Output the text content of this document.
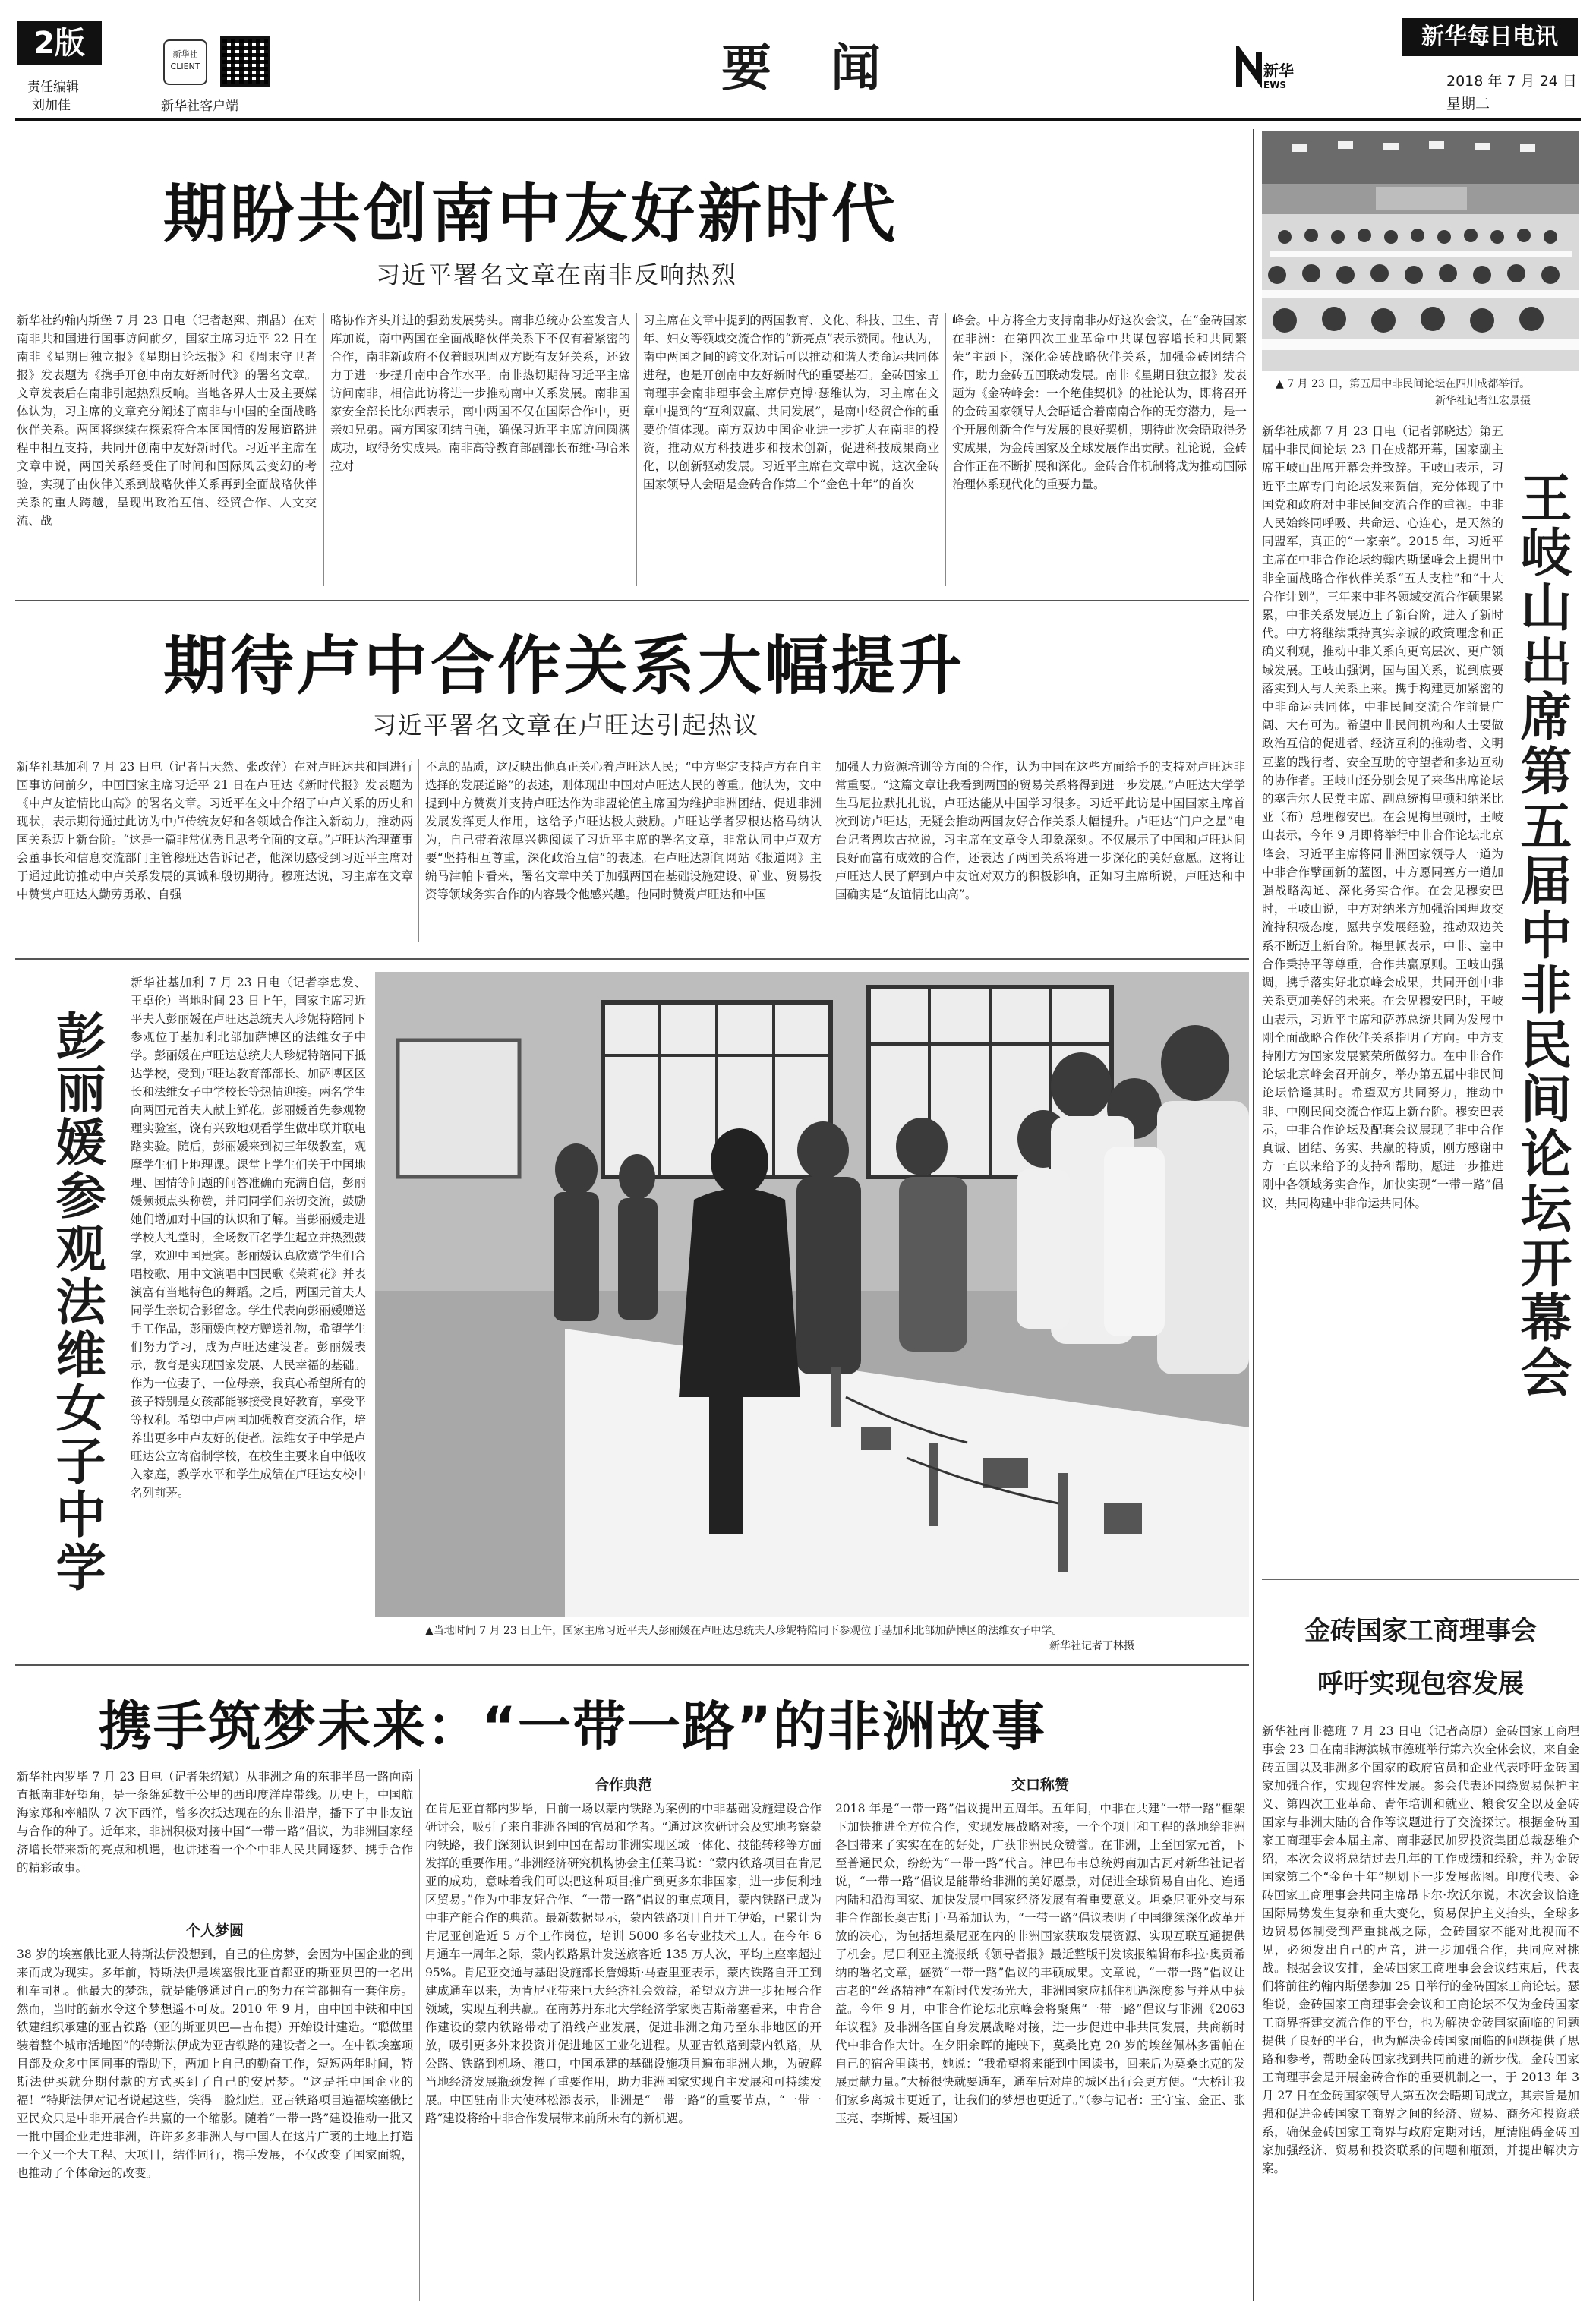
2版
责任编辑
刘加佳
新华社
CLIENT
新华社客户端
要　闻	新华
EWS
新华每日电讯
2018 年 7 月 24 日
星期二
期盼共创南中友好新时代
习近平署名文章在南非反响热烈
新华社约翰内斯堡 7 月 23 日电（记者赵熙、荆晶）在对南非共和国进行国事访问前夕，国家主席习近平 22 日在南非《星期日独立报》《星期日论坛报》和《周末守卫者报》发表题为《携手开创中南友好新时代》的署名文章。文章发表后在南非引起热烈反响。当地各界人士及主要媒体认为，习主席的文章充分阐述了南非与中国的全面战略伙伴关系。两国将继续在探索符合本国国情的发展道路进程中相互支持，共同开创南中友好新时代。习近平主席在文章中说，两国关系经受住了时间和国际风云变幻的考验，实现了由伙伴关系到战略伙伴关系再到全面战略伙伴关系的重大跨越，呈现出政治互信、经贸合作、人文交流、战
略协作齐头并进的强劲发展势头。南非总统办公室发言人库加说，南中两国在全面战略伙伴关系下不仅有着紧密的合作，南非新政府不仅着眼巩固双方既有友好关系，还致力于进一步提升南中合作水平。南非热切期待习近平主席访问南非，相信此访将进一步推动南中关系发展。南非国家安全部长比尔西表示，南中两国不仅在国际合作中，更亲如兄弟。南方国家团结自强，确保习近平主席访问圆满成功，取得务实成果。南非高等教育部副部长布维·马哈米拉对
习主席在文章中提到的两国教育、文化、科技、卫生、青年、妇女等领域交流合作的“新亮点”表示赞同。他认为，南中两国之间的跨文化对话可以推动和谐人类命运共同体进程，也是开创南中友好新时代的重要基石。金砖国家工商理事会南非理事会主席伊克博·瑟维认为，习主席在文章中提到的“互利双赢、共同发展”，是南中经贸合作的重要价值体现。南方双边中国企业进一步扩大在南非的投资，推动双方科技进步和技术创新，促进科技成果商业化，以创新驱动发展。习近平主席在文章中说，这次金砖国家领导人会晤是金砖合作第二个“金色十年”的首次
峰会。中方将全力支持南非办好这次会议，在“金砖国家在非洲：在第四次工业革命中共谋包容增长和共同繁荣”主题下，深化金砖战略伙伴关系，加强金砖团结合作，助力金砖五国联动发展。南非《星期日独立报》发表题为《金砖峰会：一个绝佳契机》的社论认为，即将召开的金砖国家领导人会晤适合着南南合作的无穷潜力，是一个开展创新合作与发展的良好契机，期待此次会晤取得务实成果，为金砖国家及全球发展作出贡献。社论说，金砖合作正在不断扩展和深化。金砖合作机制将成为推动国际治理体系现代化的重要力量。
▲ 7 月 23 日，第五届中非民间论坛在四川成都举行。
新华社记者江宏景摄
新华社成都 7 月 23 日电（记者郭晓达）第五届中非民间论坛 23 日在成都开幕，国家副主席王岐山出席开幕会并致辞。王岐山表示，习近平主席专门向论坛发来贺信，充分体现了中国党和政府对中非民间交流合作的重视。中非人民始终同呼吸、共命运、心连心，是天然的同盟军，真正的“一家亲”。2015 年，习近平主席在中非合作论坛约翰内斯堡峰会上提出中非全面战略合作伙伴关系“五大支柱”和“十大合作计划”，三年来中非各领域交流合作硕果累累，中非关系发展迈上了新台阶，进入了新时代。中方将继续秉持真实亲诚的政策理念和正确义利观，推动中非关系向更高层次、更广领域发展。王岐山强调，国与国关系，说到底要落实到人与人关系上来。携手构建更加紧密的中非命运共同体，中非民间交流合作前景广阔、大有可为。希望中非民间机构和人士要做政治互信的促进者、经济互利的推动者、文明互鉴的践行者、安全互助的守望者和多边互动的协作者。王岐山还分别会见了来华出席论坛的塞舌尔人民党主席、副总统梅里顿和纳米比亚（布）总理穆安巴。在会见梅里顿时，王岐山表示，今年 9 月即将举行中非合作论坛北京峰会，习近平主席将同非洲国家领导人一道为中非合作擘画新的蓝图，中方愿同塞方一道加强战略沟通、深化务实合作。在会见穆安巴时，王岐山说，中方对纳米方加强治国理政交流持积极态度，愿共享发展经验，推动双边关系不断迈上新台阶。梅里顿表示，中非、塞中合作秉持平等尊重，合作共赢原则。王岐山强调，携手落实好北京峰会成果，共同开创中非关系更加美好的未来。在会见穆安巴时，王岐山表示，习近平主席和萨苏总统共同为发展中刚全面战略合作伙伴关系指明了方向。中方支持刚方为国家发展繁荣所做努力。在中非合作论坛北京峰会召开前夕，举办第五届中非民间论坛恰逢其时。希望双方共同努力，推动中非、中刚民间交流合作迈上新台阶。穆安巴表示，中非合作论坛及配套会议展现了非中合作真诚、团结、务实、共赢的特质，刚方感谢中方一直以来给予的支持和帮助，愿进一步推进刚中各领域务实合作，加快实现“一带一路”倡议，共同构建中非命运共同体。	王岐山出席第五届中非民间论坛开幕会
金砖国家工商理事会
呼吁实现包容发展
新华社南非德班 7 月 23 日电（记者高原）金砖国家工商理事会 23 日在南非海滨城市德班举行第六次全体会议，来自金砖五国以及非洲多个国家的政府官员和企业代表呼吁金砖国家加强合作，实现包容性发展。参会代表还围绕贸易保护主义、第四次工业革命、青年培训和就业、粮食安全以及金砖国家与非洲大陆的合作等议题进行了交流探讨。根据金砖国家工商理事会本届主席、南非瑟民加罗投资集团总裁瑟维介绍，本次会议将总结过去几年的工作成绩和经验，并为金砖国家第二个“金色十年”规划下一步发展蓝图。印度代表、金砖国家工商理事会共同主席昂卡尔·坎沃尔说，本次会议恰逢国际局势发生复杂和重大变化，贸易保护主义抬头，全球多边贸易体制受到严重挑战之际，金砖国家不能对此视而不见，必须发出自己的声音，进一步加强合作，共同应对挑战。根据会议安排，金砖国家工商理事会会议结束后，代表们将前往约翰内斯堡参加 25 日举行的金砖国家工商论坛。瑟维说，金砖国家工商理事会会议和工商论坛不仅为金砖国家工商界搭建交流合作的平台，也为解决金砖国家面临的问题提供了良好的平台，也为解决金砖国家面临的问题提供了思路和参考，帮助金砖国家找到共同前进的新步伐。金砖国家工商理事会是开展金砖合作的重要机制之一，于 2013 年 3 月 27 日在金砖国家领导人第五次会晤期间成立，其宗旨是加强和促进金砖国家工商界之间的经济、贸易、商务和投资联系，确保金砖国家工商界与政府定期对话，厘清阻碍金砖国家加强经济、贸易和投资联系的问题和瓶颈，并提出解决方案。
期待卢中合作关系大幅提升
习近平署名文章在卢旺达引起热议
新华社基加利 7 月 23 日电（记者吕天然、张改萍）在对卢旺达共和国进行国事访问前夕，中国国家主席习近平 21 日在卢旺达《新时代报》发表题为《中卢友谊情比山高》的署名文章。习近平在文中介绍了中卢关系的历史和现状，表示期待通过此访为中卢传统友好和各领域合作注入新动力，推动两国关系迈上新台阶。“这是一篇非常优秀且思考全面的文章。”卢旺达治理董事会董事长和信息交流部门主管穆班达告诉记者，他深切感受到习近平主席对于通过此访推动中卢关系发展的真诚和殷切期待。穆班达说，习主席在文章中赞赏卢旺达人勤劳勇敢、自强
不息的品质，这反映出他真正关心着卢旺达人民；“中方坚定支持卢方在自主选择的发展道路”的表述，则体现出中国对卢旺达人民的尊重。他认为，文中提到中方赞赏并支持卢旺达作为非盟轮值主席国为维护非洲团结、促进非洲发展发挥更大作用，这给予卢旺达极大鼓励。卢旺达学者罗根达格马纳认为，自己带着浓厚兴趣阅读了习近平主席的署名文章，非常认同中卢双方要“坚持相互尊重，深化政治互信”的表述。在卢旺达新闻网站《报道网》主编马津帕卡看来，署名文章中关于加强两国在基础设施建设、矿业、贸易投资等领域务实合作的内容最令他感兴趣。他同时赞赏卢旺达和中国
加强人力资源培训等方面的合作，认为中国在这些方面给予的支持对卢旺达非常重要。“这篇文章让我看到两国的贸易关系将得到进一步发展。”卢旺达大学学生马尼拉默扎扎说，卢旺达能从中国学习很多。习近平此访是中国国家主席首次到访卢旺达，无疑会推动两国友好合作关系大幅提升。卢旺达“门户之星”电台记者恩坎古拉说，习主席在文章令人印象深刻。不仅展示了中国和卢旺达间良好而富有成效的合作，还表达了两国关系将进一步深化的美好意愿。这将让卢旺达人民了解到卢中友谊对双方的积极影响，正如习主席所说，卢旺达和中国确实是“友谊情比山高”。
彭丽媛参观法维女子中学
新华社基加利 7 月 23 日电（记者李忠发、王卓伦）当地时间 23 日上午，国家主席习近平夫人彭丽媛在卢旺达总统夫人珍妮特陪同下参观位于基加利北部加萨博区的法维女子中学。彭丽媛在卢旺达总统夫人珍妮特陪同下抵达学校，受到卢旺达教育部部长、加萨博区区长和法维女子中学校长等热情迎接。两名学生向两国元首夫人献上鲜花。彭丽媛首先参观物理实验室，饶有兴致地观看学生做串联并联电路实验。随后，彭丽媛来到初三年级教室，观摩学生们上地理课。课堂上学生们关于中国地理、国情等问题的问答准确而充满自信，彭丽媛频频点头称赞，并同同学们亲切交流，鼓励她们增加对中国的认识和了解。当彭丽媛走进学校大礼堂时，全场数百名学生起立并热烈鼓掌，欢迎中国贵宾。彭丽媛认真欣赏学生们合唱校歌、用中文演唱中国民歌《茉莉花》并表演富有当地特色的舞蹈。之后，两国元首夫人同学生亲切合影留念。学生代表向彭丽媛赠送手工作品，彭丽媛向校方赠送礼物，希望学生们努力学习，成为卢旺达建设者。彭丽媛表示，教育是实现国家发展、人民幸福的基础。作为一位妻子、一位母亲，我真心希望所有的孩子特别是女孩都能够接受良好教育，享受平等权利。希望中卢两国加强教育交流合作，培养出更多中卢友好的使者。法维女子中学是卢旺达公立寄宿制学校，在校生主要来自中低收入家庭，教学水平和学生成绩在卢旺达女校中名列前茅。
▲当地时间 7 月 23 日上午，国家主席习近平夫人彭丽媛在卢旺达总统夫人珍妮特陪同下参观位于基加利北部加萨博区的法维女子中学。
新华社记者丁林摄
携手筑梦未来：“一带一路”的非洲故事
新华社内罗毕 7 月 23 日电（记者朱绍斌）从非洲之角的东非半岛一路向南直抵南非好望角，是一条绵延数千公里的西印度洋岸带线。历史上，中国航海家郑和率船队 7 次下西洋，曾多次抵达现在的东非沿岸，播下了中非友谊与合作的种子。近年来，非洲积极对接中国“一带一路”倡议，为非洲国家经济增长带来新的亮点和机遇，也讲述着一个个中非人民共同逐梦、携手合作的精彩故事。
个人梦圆
38 岁的埃塞俄比亚人特斯法伊没想到，自己的住房梦，会因为中国企业的到来而成为现实。多年前，特斯法伊是埃塞俄比亚首都亚的斯亚贝巴的一名出租车司机。他最大的梦想，就是能够通过自己的努力在首都拥有一套住房。然而，当时的薪水令这个梦想遥不可及。2010 年 9 月，由中国中铁和中国铁建组织承建的亚吉铁路（亚的斯亚贝巴—吉布提）开始设计建造。“聪做里装着整个城市活地图”的特斯法伊成为亚吉铁路的建设者之一。在中铁埃塞项目部及众多中国同事的帮助下，两加上自己的勤奋工作，短短两年时间，特斯法伊买就分期付款的方式买到了自己的安居梦。“这是托中国企业的福！”特斯法伊对记者说起这些，笑得一脸灿烂。亚吉铁路项目遍福埃塞俄比亚民众只是中非开展合作共赢的一个缩影。随着“一带一路”建设推动一批又一批中国企业走进非洲，许许多多非洲人与中国人在这片广袤的土地上打造一个又一个大工程、大项目，结伴同行，携手发展，不仅改变了国家面貌，也推动了个体命运的改变。
合作典范
在肯尼亚首都内罗毕，日前一场以蒙内铁路为案例的中非基础设施建设合作研讨会，吸引了来自非洲各国的官员和学者。“通过这次研讨会及实地考察蒙内铁路，我们深刻认识到中国在帮助非洲实现区域一体化、技能转移等方面发挥的重要作用。”非洲经济研究机构协会主任莱马说：“蒙内铁路项目在肯尼亚的成功，意味着我们可以把这种项目推广到更多东非国家，进一步便利地区贸易。”作为中非友好合作、“一带一路”倡议的重点项目，蒙内铁路已成为中非产能合作的典范。最新数据显示，蒙内铁路项目自开工伊始，已累计为肯尼亚创造近 5 万个工作岗位，培训 5000 多名专业技术工人。在今年 6 月通车一周年之际，蒙内铁路累计发送旅客近 135 万人次，平均上座率超过 95%。肯尼亚交通与基础设施部长詹姆斯·马查里亚表示，蒙内铁路自开工到建成通车以来，为肯尼亚带来巨大经济社会效益，希望双方进一步拓展合作领域，实现互利共赢。在南苏丹东北大学经济学家奥吉斯蒂塞看来，中肯合作建设的蒙内铁路带动了沿线产业发展，促进非洲之角乃至东非地区的开放，吸引更多外来投资并促进地区工业化进程。从亚吉铁路到蒙内铁路，从公路、铁路到机场、港口，中国承建的基础设施项目遍布非洲大地，为破解当地经济发展瓶颈发挥了重要作用，助力非洲国家实现自主发展和可持续发展。中国驻南非大使林松添表示，非洲是“一带一路”的重要节点，“一带一路”建设将给中非合作发展带来前所未有的新机遇。
交口称赞
2018 年是“一带一路”倡议提出五周年。五年间，中非在共建“一带一路”框架下加快推进全方位合作，实现发展战略对接，一个个项目和工程的落地给非洲各国带来了实实在在的好处，广获非洲民众赞誉。在非洲，上至国家元首，下至普通民众，纷纷为“一带一路”代言。津巴布韦总统姆南加古瓦对新华社记者说，“一带一路”倡议是能带给非洲的美好愿景，对促进全球贸易自由化、连通内陆和沿海国家、加快发展中国家经济发展有着重要意义。坦桑尼亚外交与东非合作部长奥古斯丁·马希加认为，“一带一路”倡议表明了中国继续深化改革开放的决心，为包括坦桑尼亚在内的非洲国家获取发展资源、实现互联互通提供了机会。尼日利亚主流报纸《领导者报》最近整版刊发该报编辑布科拉·奥贡希纳的署名文章，盛赞“一带一路”倡议的丰硕成果。文章说，“一带一路”倡议让古老的“丝路精神”在新时代发扬光大，非洲国家应抓住机遇深度参与并从中获益。今年 9 月，中非合作论坛北京峰会将聚焦“一带一路”倡议与非洲《2063 年议程》及非洲各国自身发展战略对接，进一步促进中非共同发展，共商新时代中非合作大计。在夕阳余晖的掩映下，莫桑比克 20 岁的埃丝佩林多雷帕在自己的宿舍里读书，她说：“我希望将来能到中国读书，回来后为莫桑比克的发展贡献力量。”大桥很快就要通车，通车后对岸的城区出行会更方便。“大桥让我们家乡离城市更近了，让我们的梦想也更近了。”（参与记者：王守宝、金正、张玉亮、李斯博、聂祖国）
